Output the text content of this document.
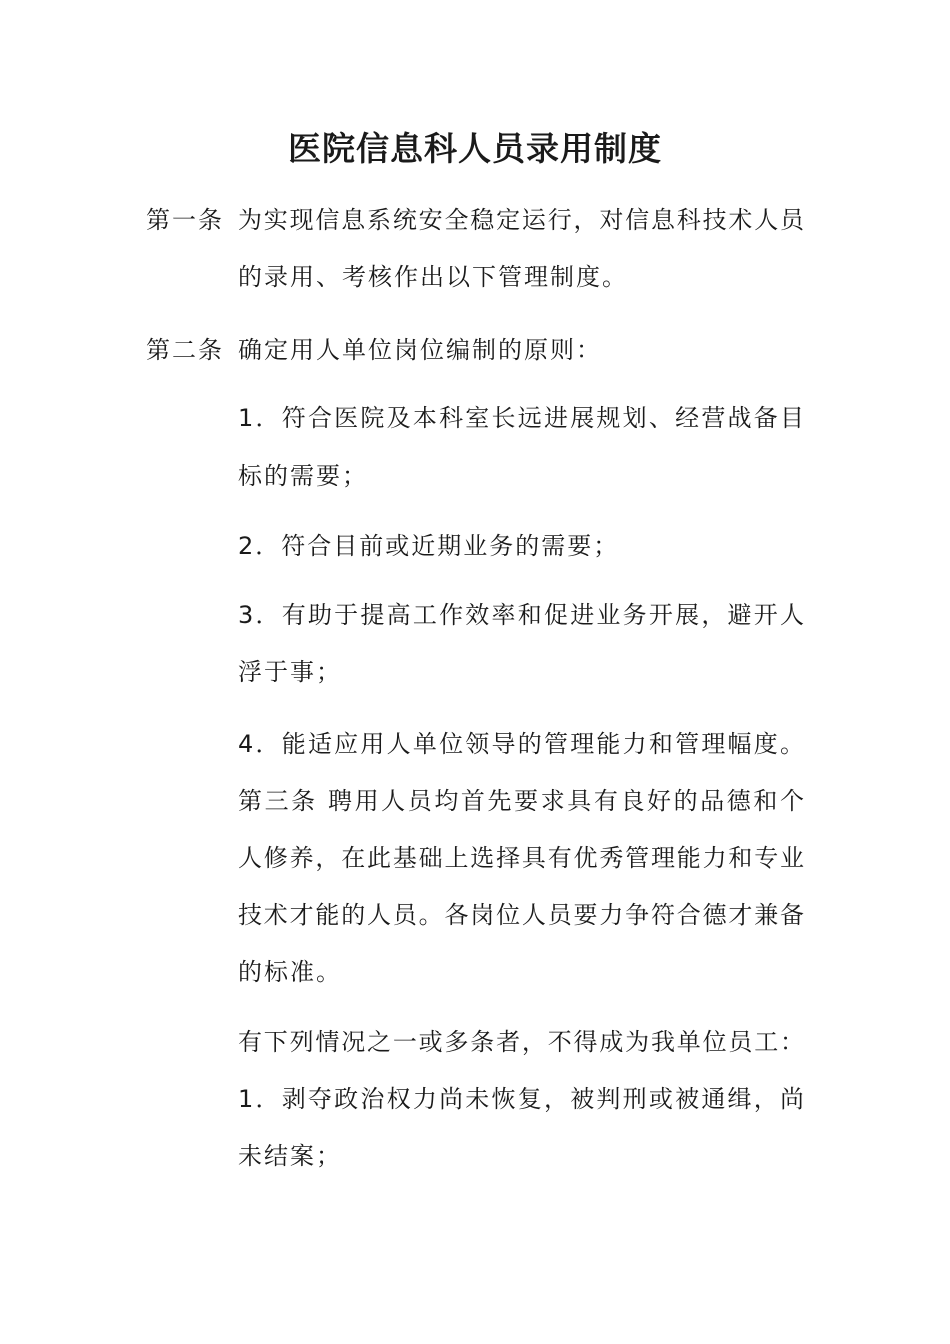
医院信息科人员录用制度
第一条 为实现信息系统安全稳定运行，对信息科技术人员
的录用、考核作出以下管理制度。
第二条 确定用人单位岗位编制的原则：
1．符合医院及本科室长远进展规划、经营战备目
标的需要；
2．符合目前或近期业务的需要；
3．有助于提高工作效率和促进业务开展，避开人
浮于事；
4．能适应用人单位领导的管理能力和管理幅度。
第三条 聘用人员均首先要求具有良好的品德和个
人修养，在此基础上选择具有优秀管理能力和专业
技术才能的人员。各岗位人员要力争符合德才兼备
的标准。
有下列情况之一或多条者，不得成为我单位员工：
1．剥夺政治权力尚未恢复，被判刑或被通缉，尚
未结案；
